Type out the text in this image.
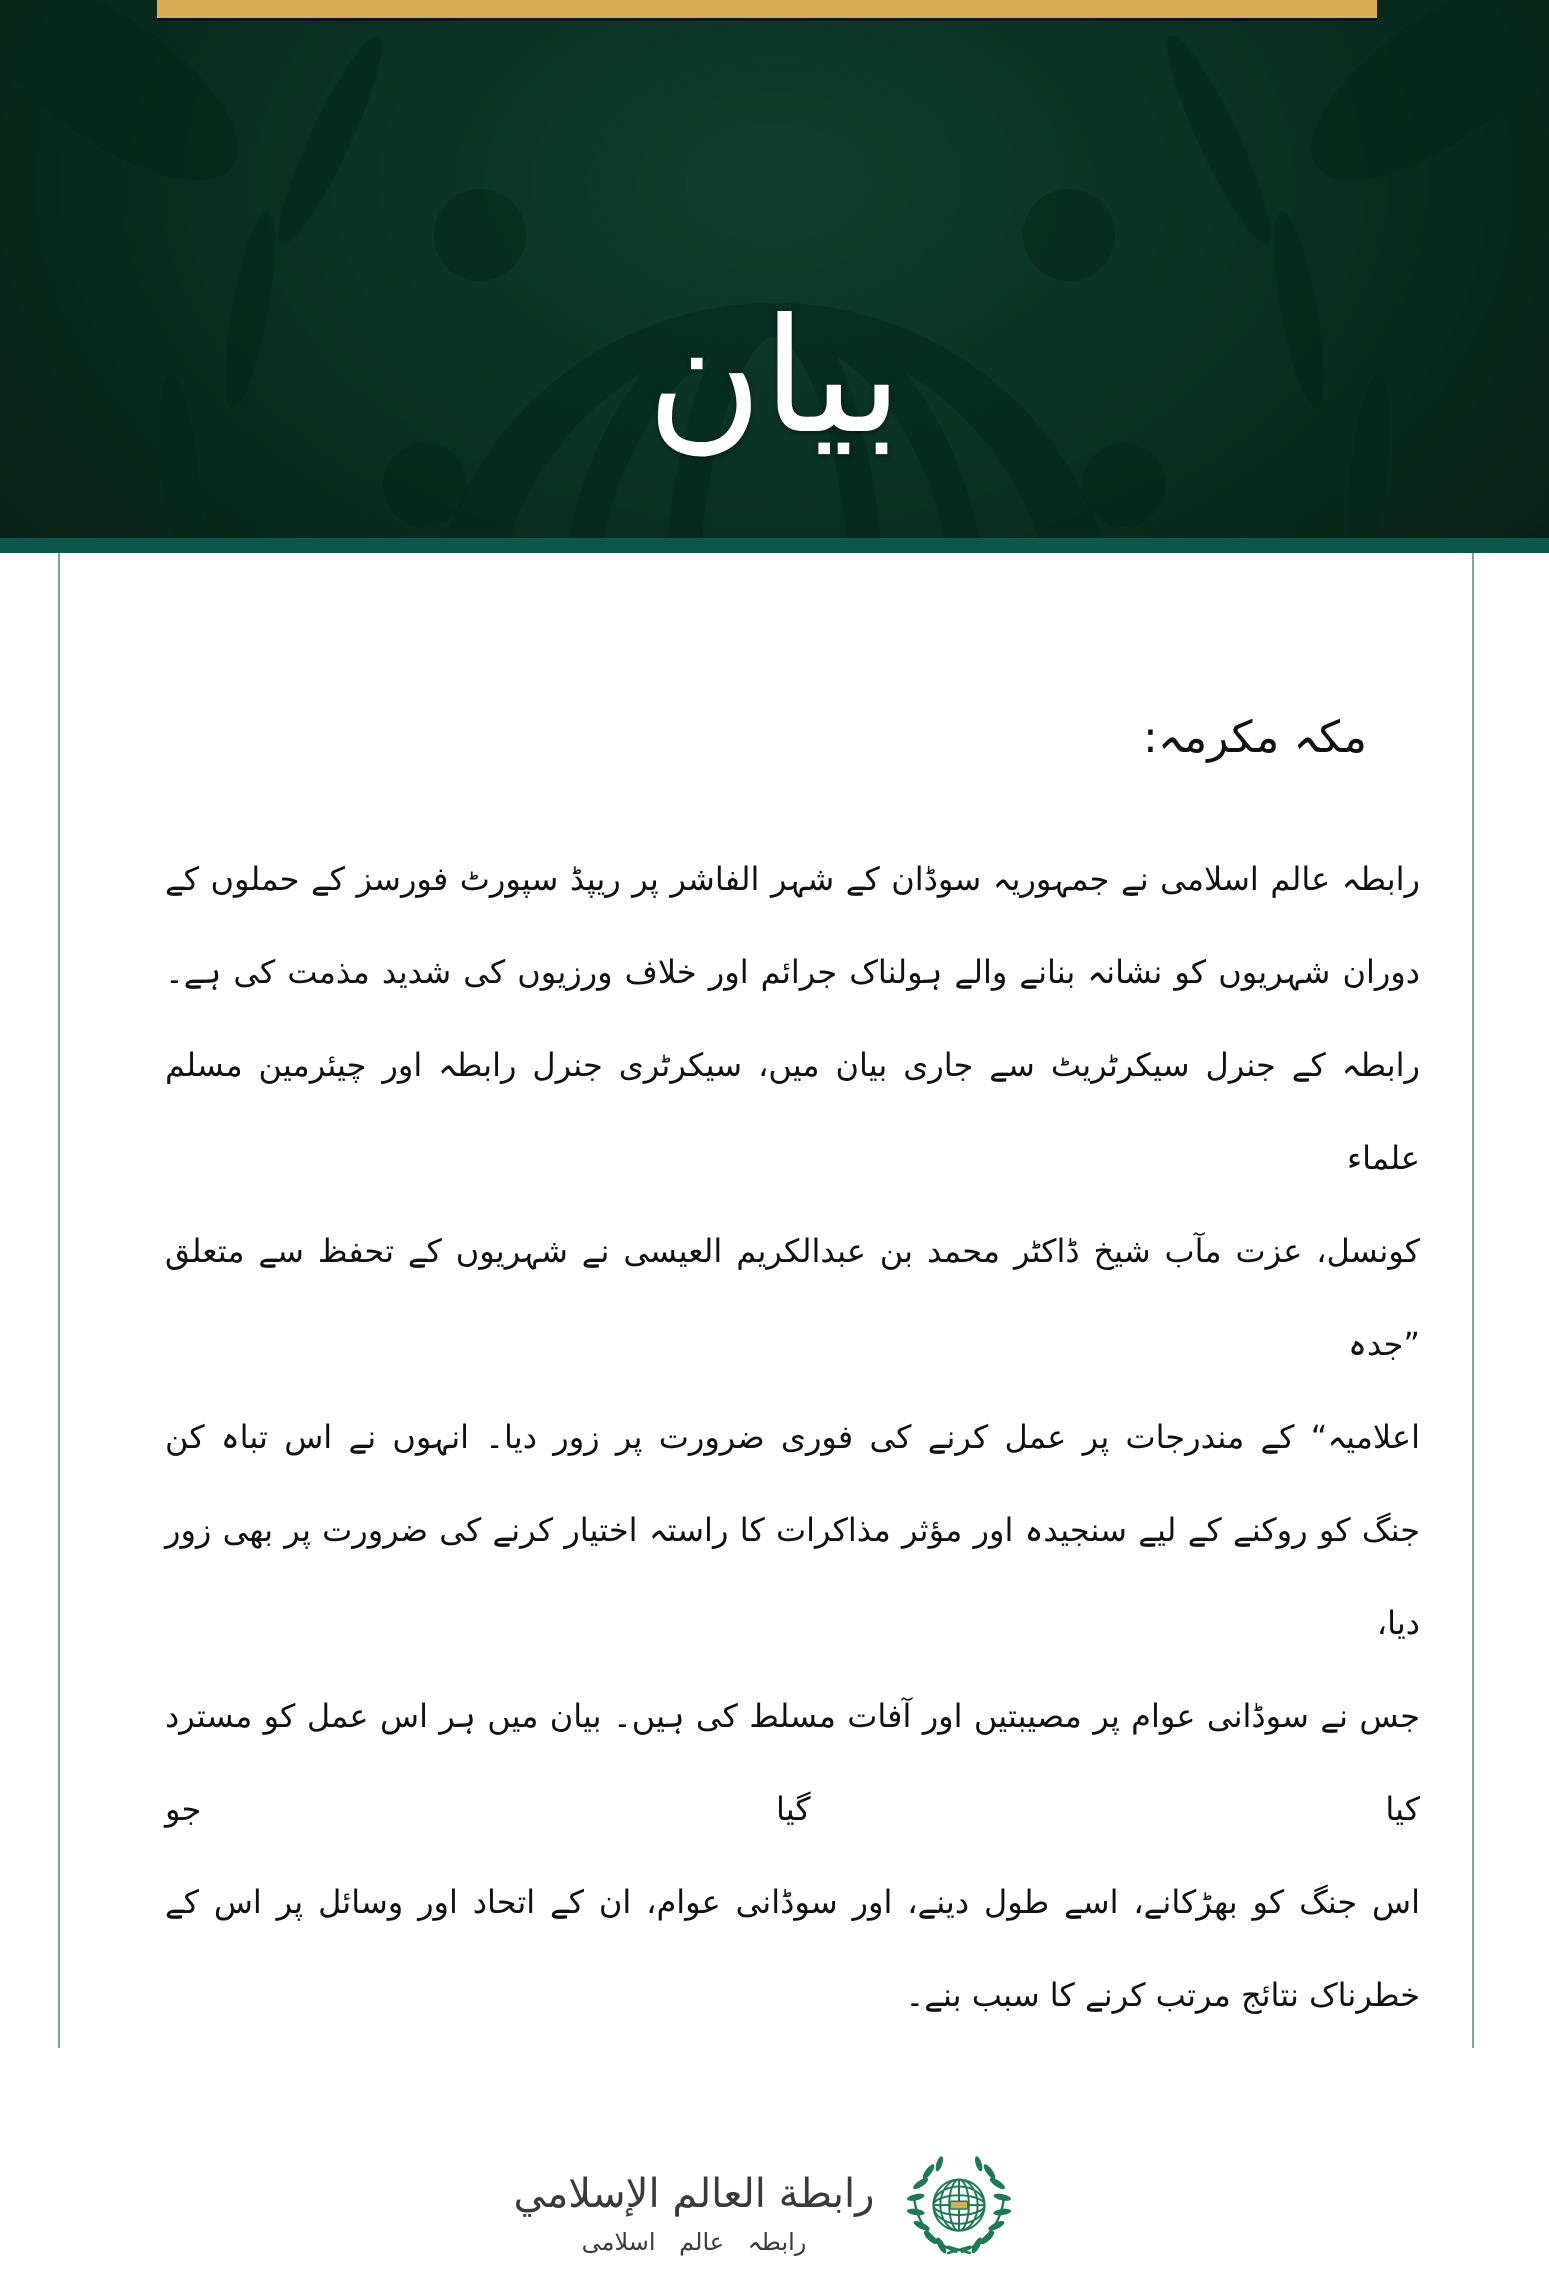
بیان
مکہ مکرمہ:
رابطہ عالم اسلامی نے جمہوریہ سوڈان کے شہر الفاشر پر ریپڈ سپورٹ فورسز کے حملوں کے
دوران شہریوں کو نشانہ بنانے والے ہولناک جرائم اور خلاف ورزیوں کی شدید مذمت کی ہے۔
رابطہ کے جنرل سیکرٹریٹ سے جاری بیان میں، سیکرٹری جنرل رابطہ اور چیئرمین مسلم علماء
کونسل، عزت مآب شیخ ڈاکٹر محمد بن عبدالکریم العیسی نے شہریوں کے تحفظ سے متعلق ”جدہ
اعلامیہ“ کے مندرجات پر عمل کرنے کی فوری ضرورت پر زور دیا۔ انہوں نے اس تباہ کن
جنگ کو روکنے کے لیے سنجیدہ اور مؤثر مذاکرات کا راستہ اختیار کرنے کی ضرورت پر بھی زور دیا،
جس نے سوڈانی عوام پر مصیبتیں اور آفات مسلط کی ہیں۔ بیان میں ہر اس عمل کو مسترد کیا گیا جو
اس جنگ کو بھڑکانے، اسے طول دینے، اور سوڈانی عوام، ان کے اتحاد اور وسائل پر اس کے
خطرناک نتائج مرتب کرنے کا سبب بنے۔
رابطة العالم الإسلامي
رابطہ عالم اسلامی
